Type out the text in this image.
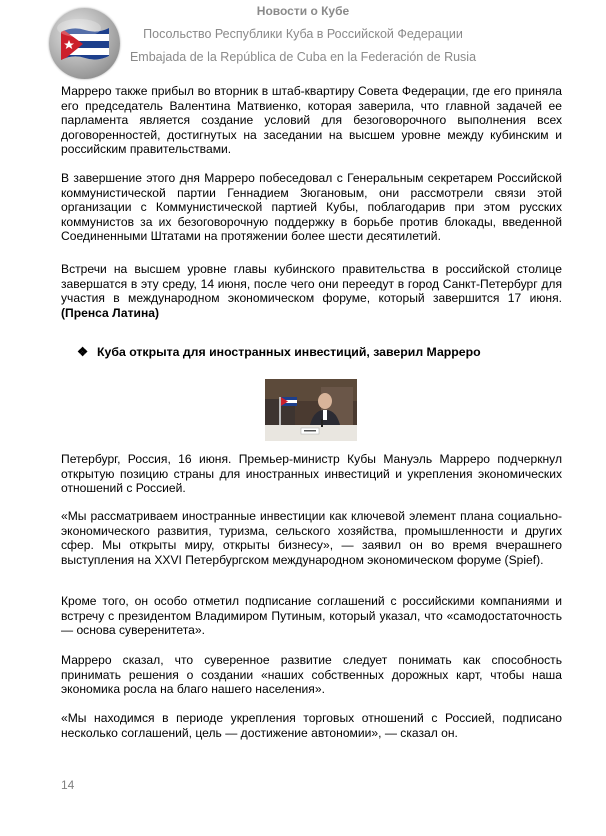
Новости о Кубе
Посольство Республики Куба в Российской Федерации
Embajada de la República de Cuba en la Federación de Rusia

Марреро также прибыл во вторник в штаб-квартиру Совета Федерации, где его приняла его председатель Валентина Матвиенко, которая заверила, что главной задачей ее парламента является создание условий для безоговорочного выполнения всех договоренностей, достигнутых на заседании на высшем уровне между кубинским и российским правительствами.

В завершение этого дня Марреро побеседовал с Генеральным секретарем Российской коммунистической партии Геннадием Зюгановым, они рассмотрели связи этой организации с Коммунистической партией Кубы, поблагодарив при этом русских коммунистов за их безоговорочную поддержку в борьбе против блокады, введенной Соединенными Штатами на протяжении более шести десятилетий.

Встречи на высшем уровне главы кубинского правительства в российской столице завершатся в эту среду, 14 июня, после чего они переедут в город Санкт-Петербург для участия в международном экономическом форуме, который завершится 17 июня. (Пренса Латина)
❖ Куба открыта для иностранных инвестиций, заверил Марреро

Петербург, Россия, 16 июня. Премьер-министр Кубы Мануэль Марреро подчеркнул открытую позицию страны для иностранных инвестиций и укрепления экономических отношений с Россией.

«Мы рассматриваем иностранные инвестиции как ключевой элемент плана социально-экономического развития, туризма, сельского хозяйства, промышленности и других сфер. Мы открыты миру, открыты бизнесу», — заявил он во время вчерашнего выступления на XXVI Петербургском международном экономическом форуме (Spief).

Кроме того, он особо отметил подписание соглашений с российскими компаниями и встречу с президентом Владимиром Путиным, который указал, что «самодостаточность — основа суверенитета».

Марреро сказал, что суверенное развитие следует понимать как способность принимать решения о создании «наших собственных дорожных карт, чтобы наша экономика росла на благо нашего населения».

«Мы находимся в периоде укрепления торговых отношений с Россией, подписано несколько соглашений, цель — достижение автономии», — сказал он.

14
